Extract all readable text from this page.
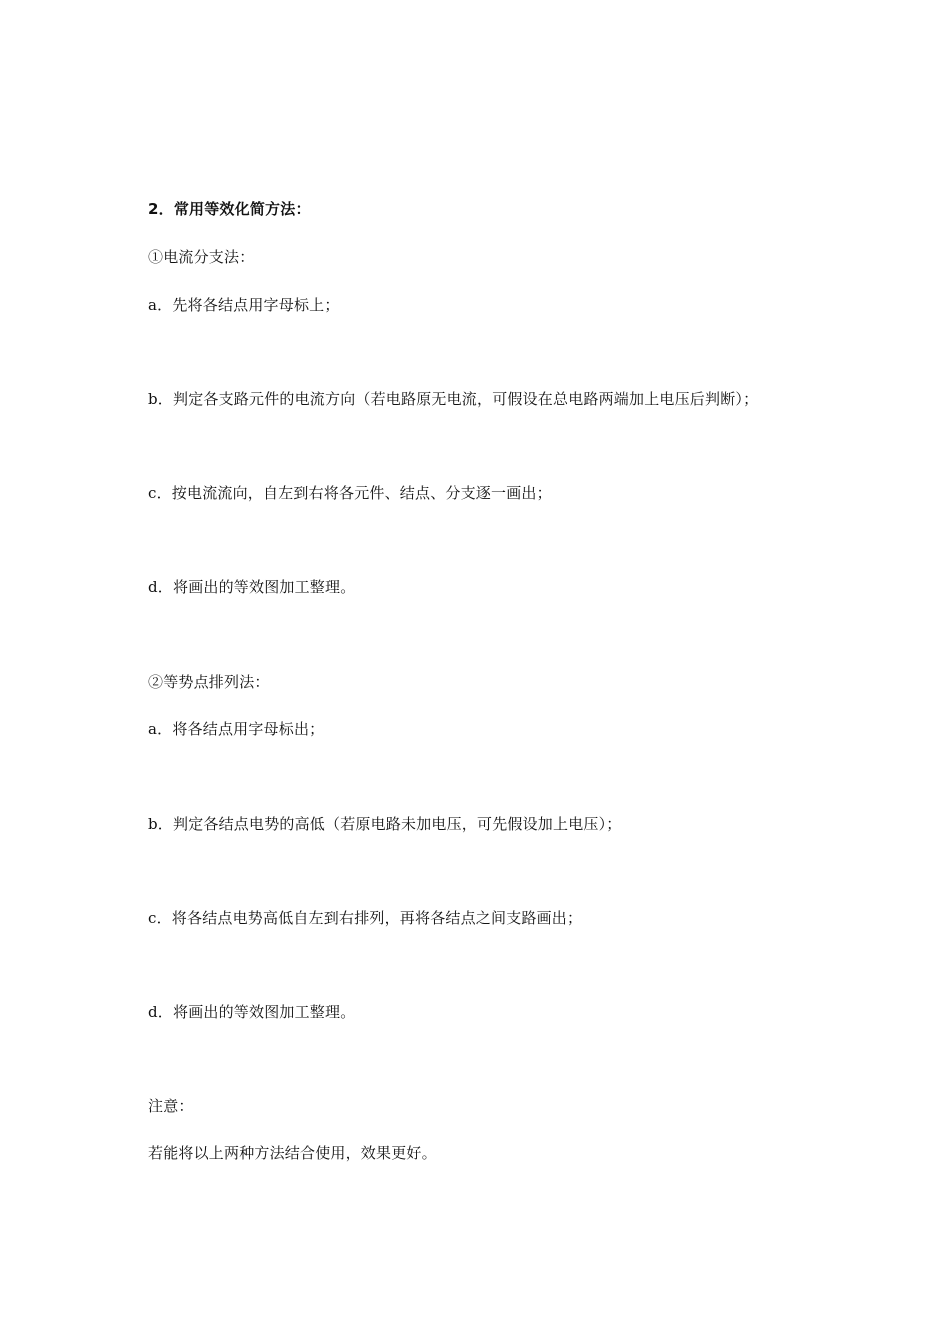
2．常用等效化简方法：
①电流分支法：
a．先将各结点用字母标上；
b．判定各支路元件的电流方向（若电路原无电流，可假设在总电路两端加上电压后判断）；
c．按电流流向，自左到右将各元件、结点、分支逐一画出；
d．将画出的等效图加工整理。
②等势点排列法：
a．将各结点用字母标出；
b．判定各结点电势的高低（若原电路未加电压，可先假设加上电压）；
c．将各结点电势高低自左到右排列，再将各结点之间支路画出；
d．将画出的等效图加工整理。
注意：
若能将以上两种方法结合使用，效果更好。
